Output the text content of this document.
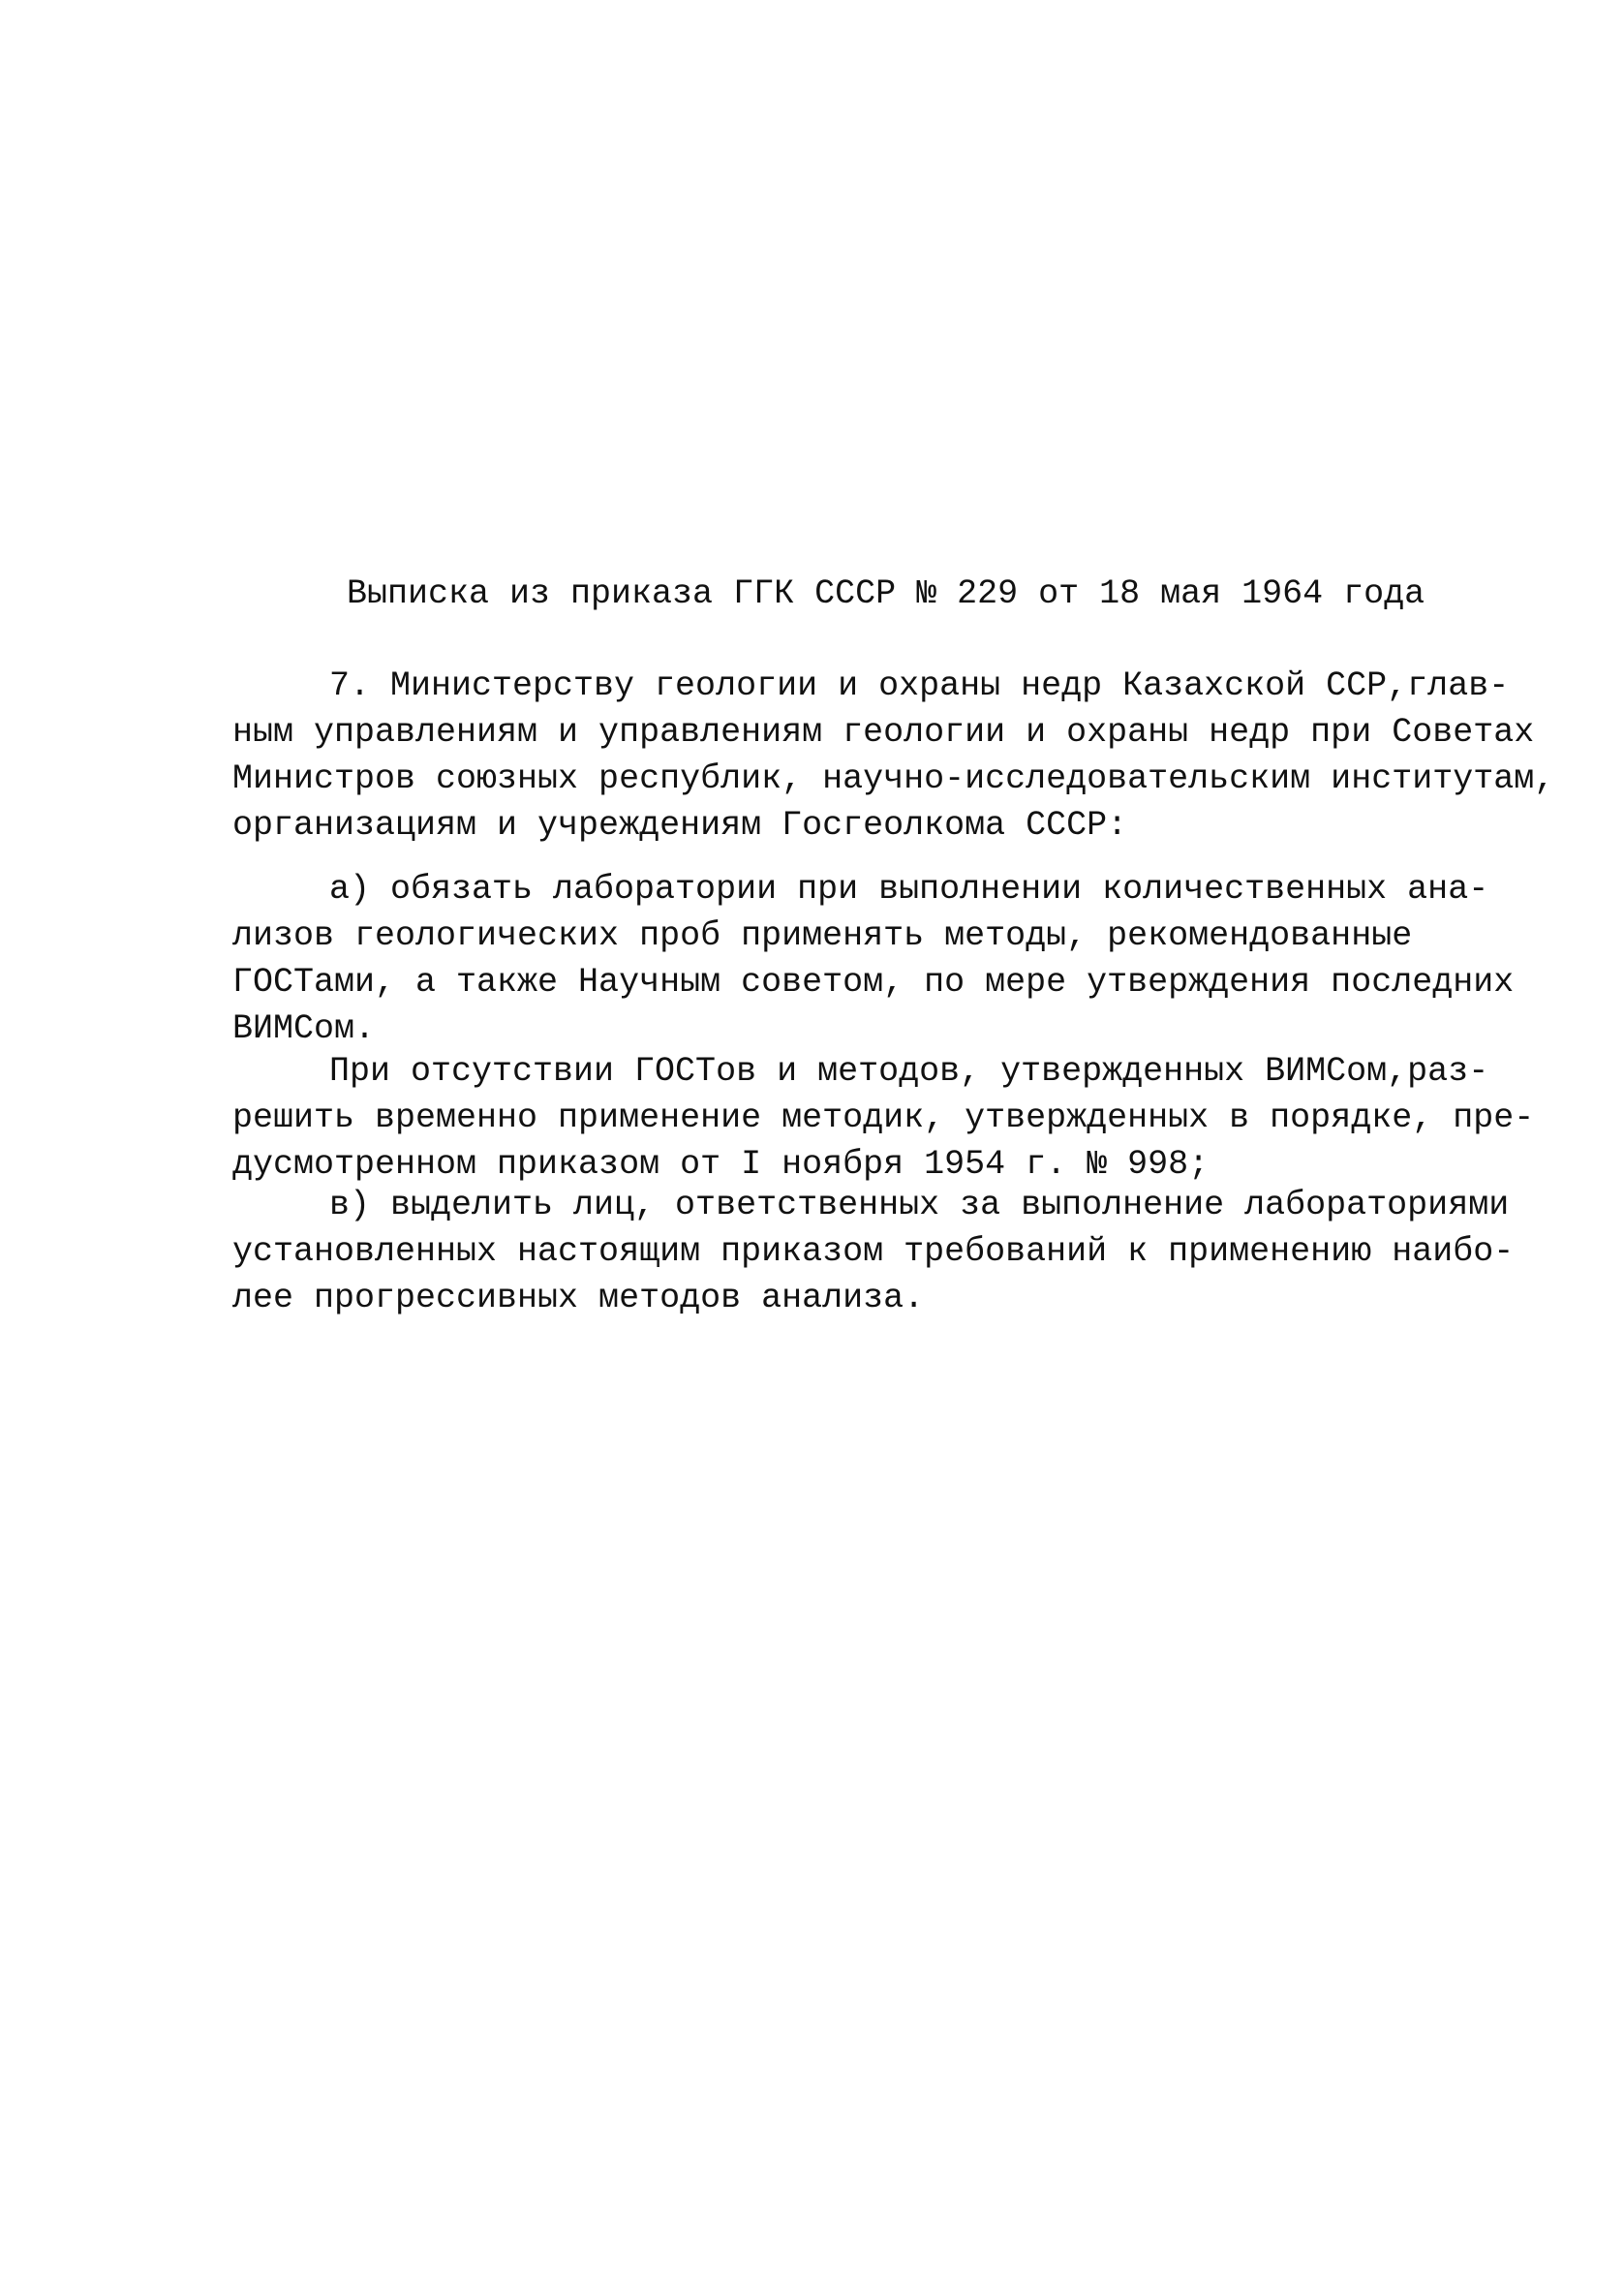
Выписка из приказа ГГК СССР № 229 от 18 мая 1964 года
7. Министерству геологии и охраны недр Казахской ССР,глав-
ным управлениям и управлениям геологии и охраны недр при Советах
Министров союзных республик, научно-исследовательским институтам,
организациям и учреждениям Госгеолкома СССР:
а) обязать лаборатории при выполнении количественных ана-
лизов геологических проб применять методы, рекомендованные
ГОСТами, а также Научным советом, по мере утверждения последних
ВИМСом.
При отсутствии ГОСТов и методов, утвержденных ВИМСом,раз-
решить временно применение методик, утвержденных в порядке, пре-
дусмотренном приказом от I ноября 1954 г. № 998;
в) выделить лиц, ответственных за выполнение лабораториями
установленных настоящим приказом требований к применению наибо-
лее прогрессивных методов анализа.
